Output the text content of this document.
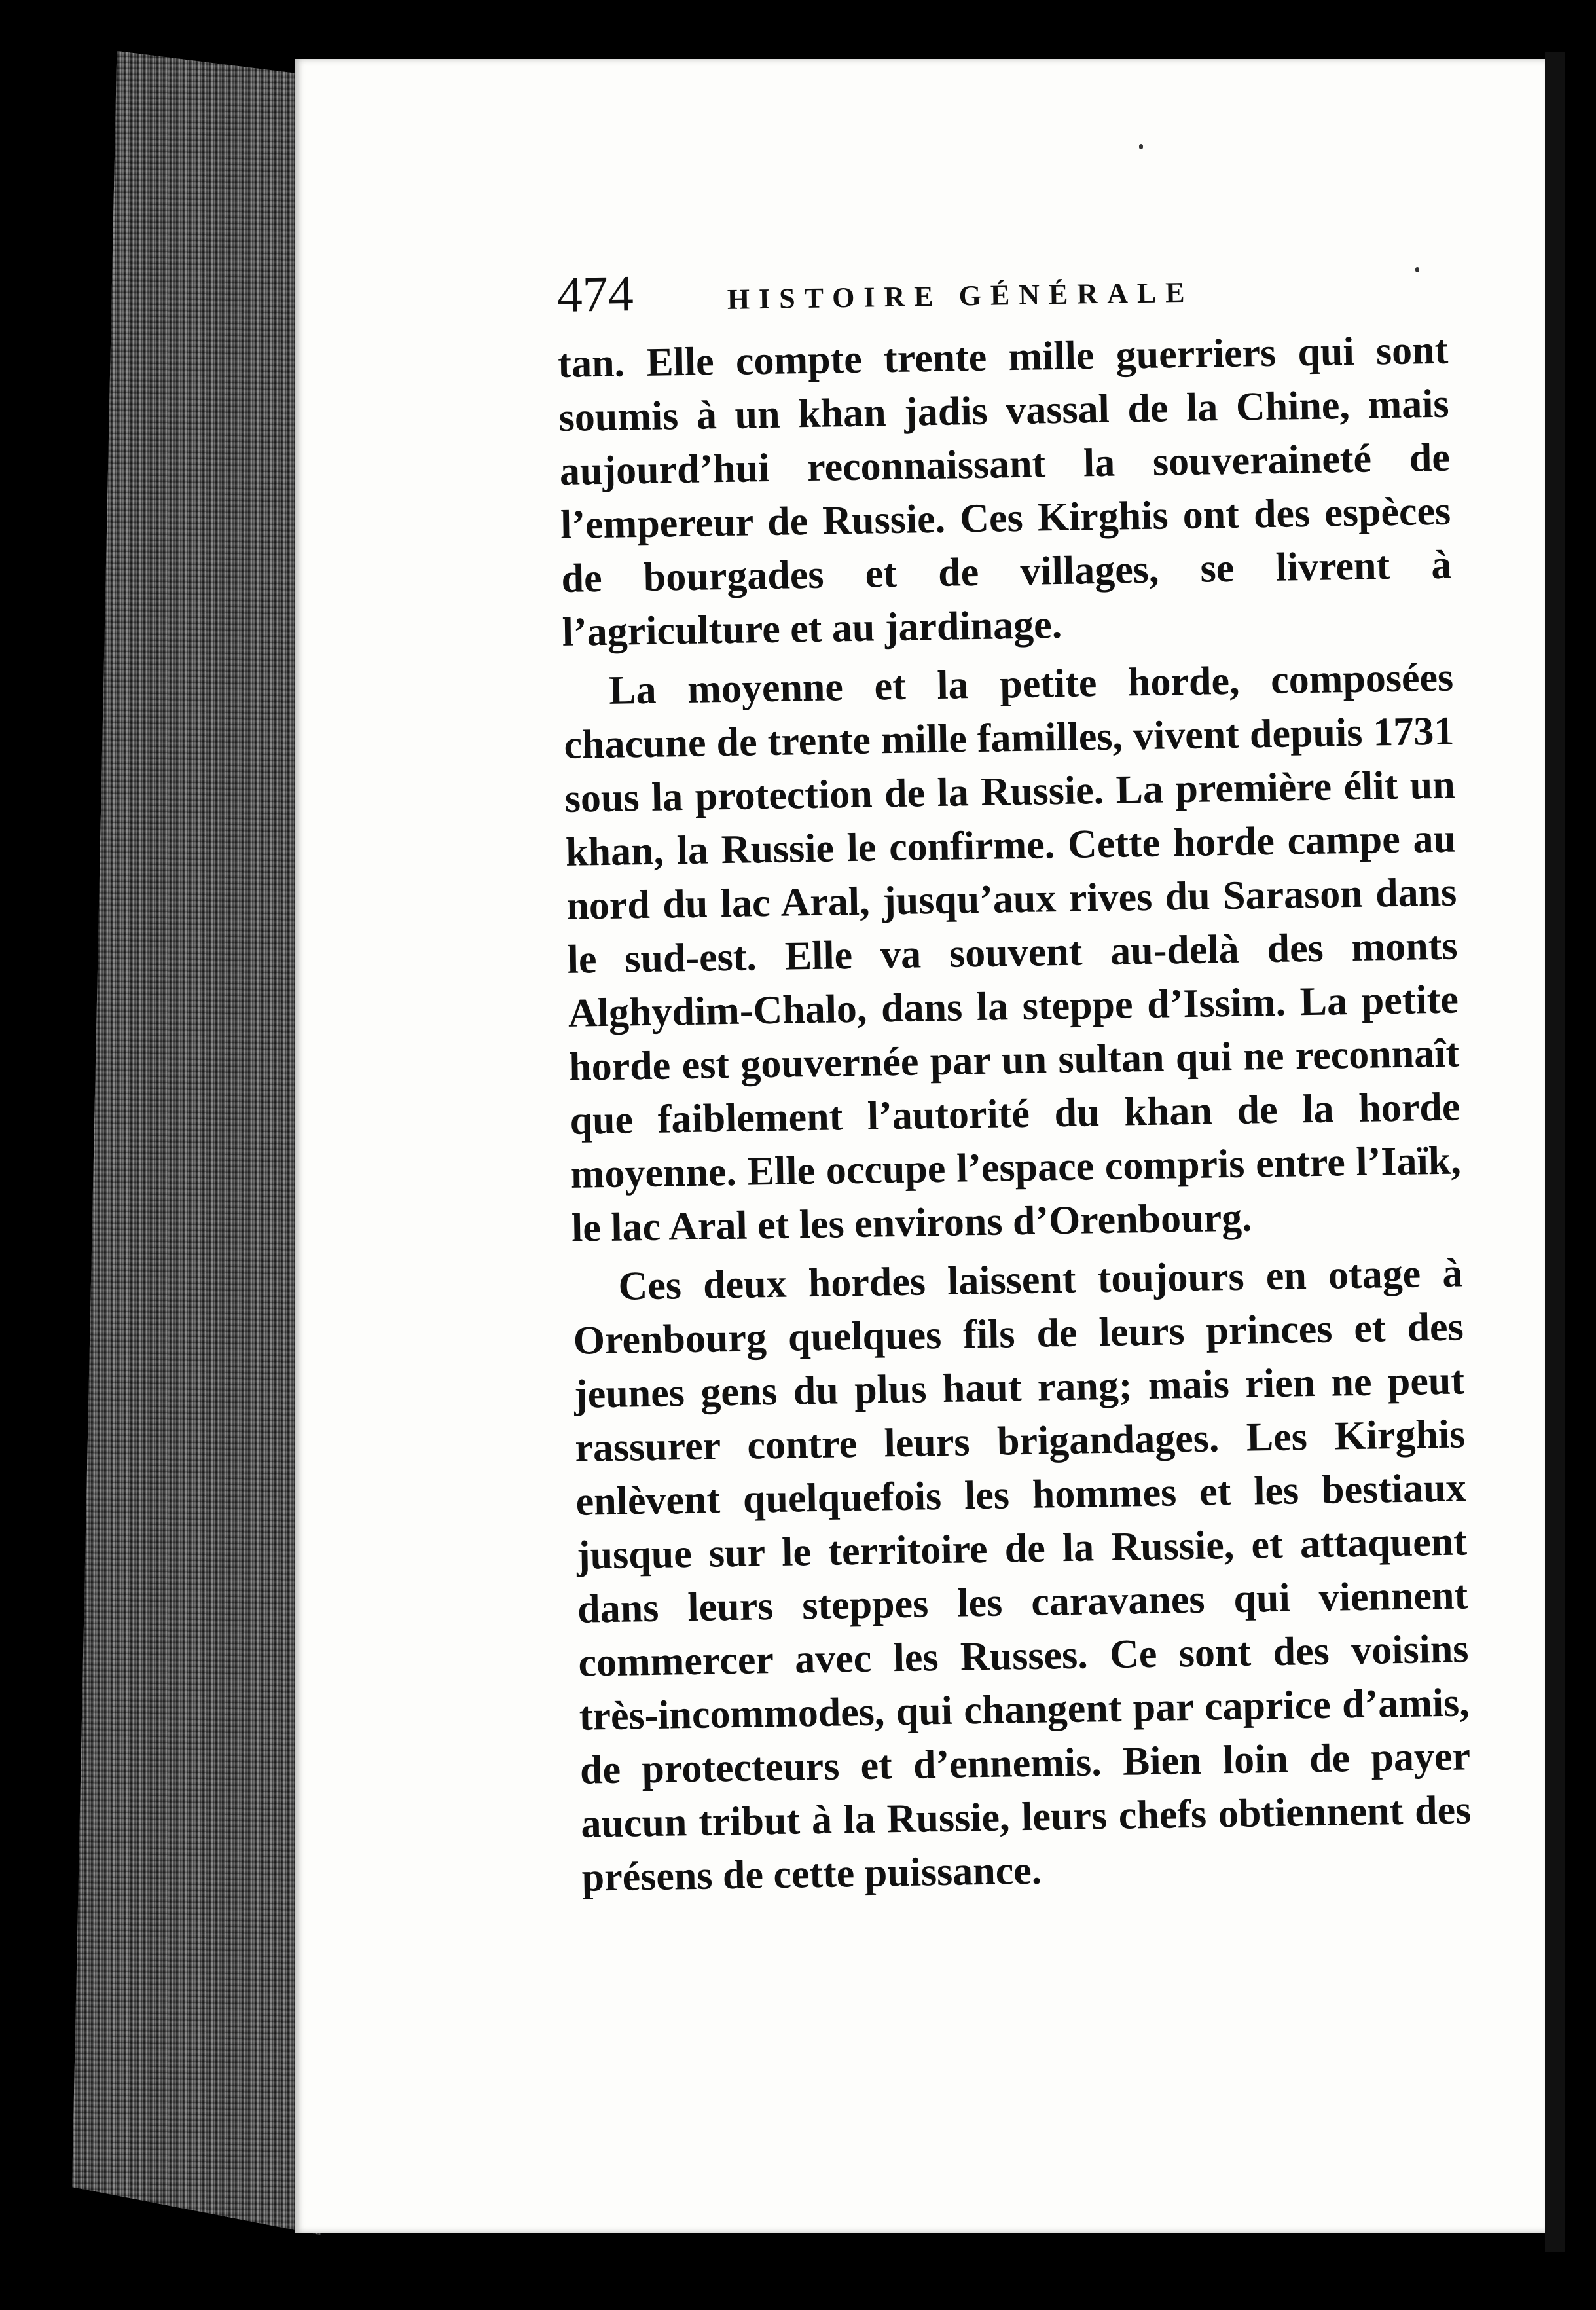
474	HISTOIRE GÉNÉRALE

tan. Elle compte trente mille guerriers qui sont soumis à un khan jadis vassal de la Chine, mais aujourd’hui reconnaissant la souveraineté de l’empereur de Russie. Ces Kirghis ont des espèces de bourgades et de villages, se livrent à l’agriculture et au jardinage.

La moyenne et la petite horde, composées chacune de trente mille familles, vivent depuis 1731 sous la protection de la Russie. La première élit un khan, la Russie le confirme. Cette horde campe au nord du lac Aral, jusqu’aux rives du Sarason dans le sud-est. Elle va souvent au-delà des monts Alghydim-Chalo, dans la steppe d’Issim. La petite horde est gouvernée par un sultan qui ne reconnaît que faiblement l’autorité du khan de la horde moyenne. Elle occupe l’espace compris entre l’Iaïk, le lac Aral et les environs d’Orenbourg.

Ces deux hordes laissent toujours en otage à Orenbourg quelques fils de leurs princes et des jeunes gens du plus haut rang; mais rien ne peut rassurer contre leurs brigandages. Les Kirghis enlèvent quelquefois les hommes et les bestiaux jusque sur le territoire de la Russie, et attaquent dans leurs steppes les caravanes qui viennent commercer avec les Russes. Ce sont des voisins très-incommodes, qui changent par caprice d’amis, de protecteurs et d’ennemis. Bien loin de payer aucun tribut à la Russie, leurs chefs obtiennent des présens de cette puissance.
